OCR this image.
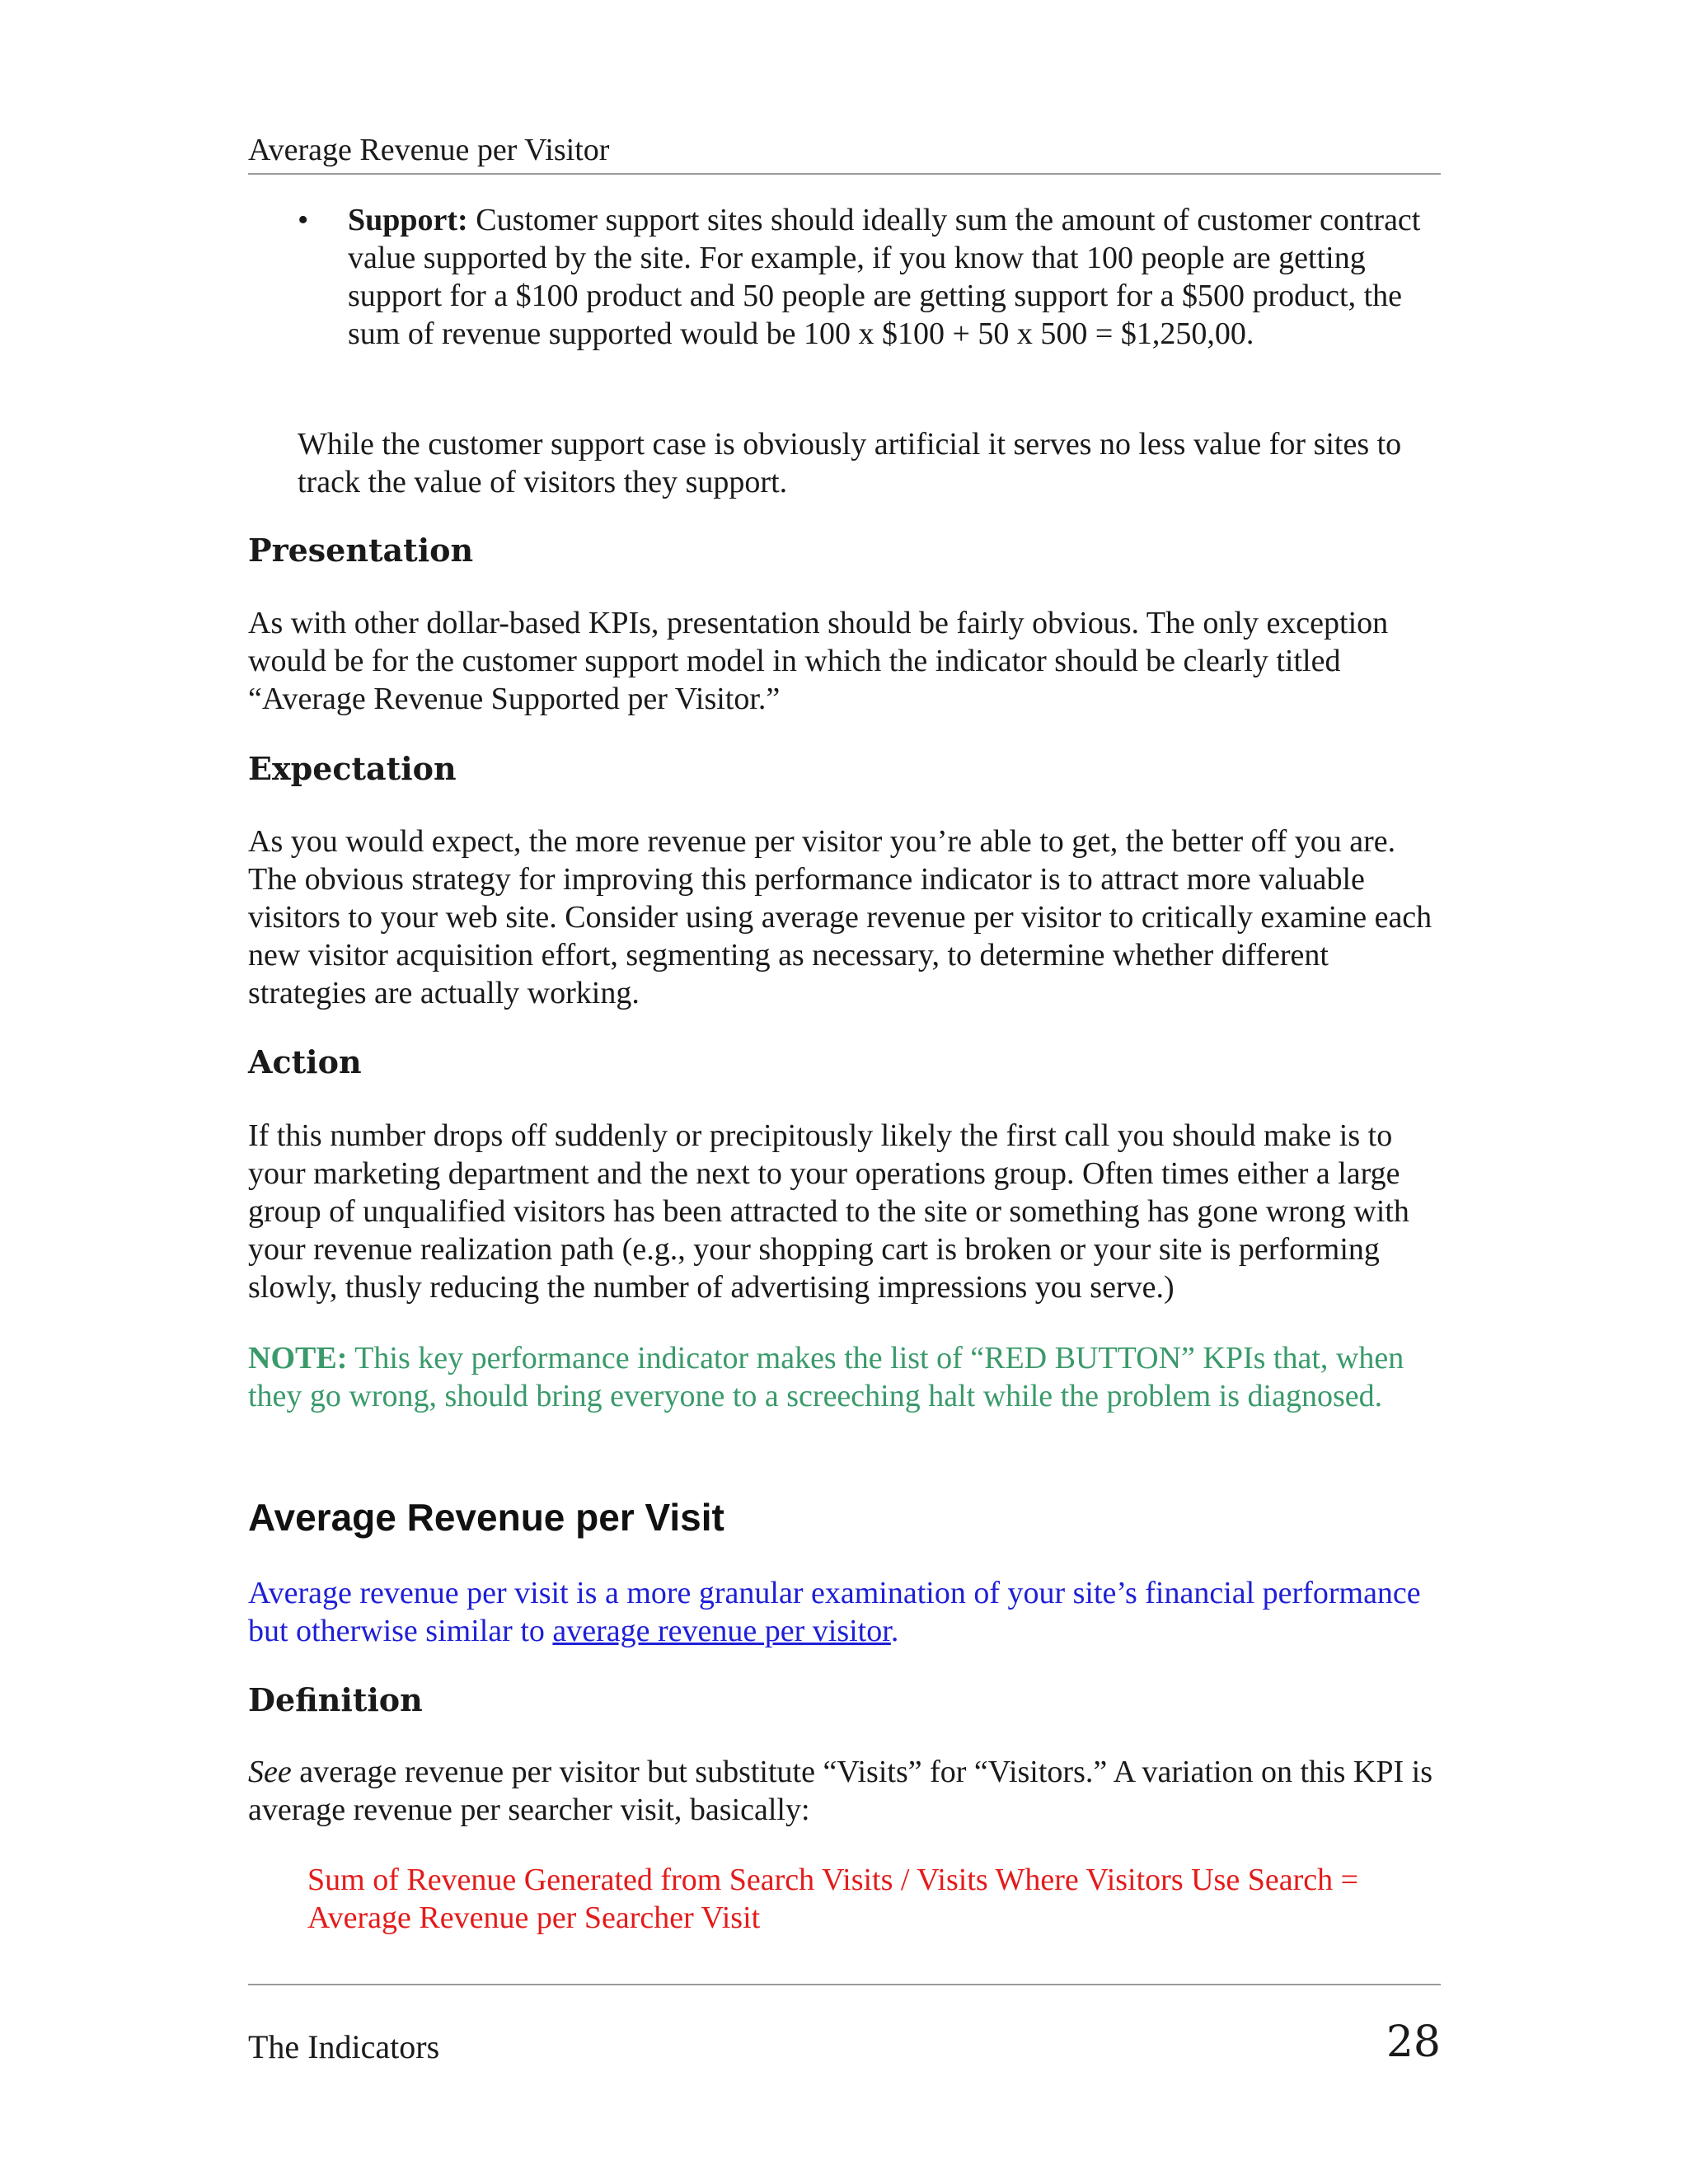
Average Revenue per Visitor
• Support: Customer support sites should ideally sum the amount of customer contract value supported by the site. For example, if you know that 100 people are getting support for a $100 product and 50 people are getting support for a $500 product, the sum of revenue supported would be 100 x $100 + 50 x 500 = $1,250,00.

While the customer support case is obviously artificial it serves no less value for sites to track the value of visitors they support.

Presentation

As with other dollar-based KPIs, presentation should be fairly obvious. The only exception would be for the customer support model in which the indicator should be clearly titled “Average Revenue Supported per Visitor.”

Expectation

As you would expect, the more revenue per visitor you’re able to get, the better off you are. The obvious strategy for improving this performance indicator is to attract more valuable visitors to your web site. Consider using average revenue per visitor to critically examine each new visitor acquisition effort, segmenting as necessary, to determine whether different strategies are actually working.

Action

If this number drops off suddenly or precipitously likely the first call you should make is to your marketing department and the next to your operations group. Often times either a large group of unqualified visitors has been attracted to the site or something has gone wrong with your revenue realization path (e.g., your shopping cart is broken or your site is performing slowly, thusly reducing the number of advertising impressions you serve.)

NOTE: This key performance indicator makes the list of “RED BUTTON” KPIs that, when they go wrong, should bring everyone to a screeching halt while the problem is diagnosed.

Average Revenue per Visit

Average revenue per visit is a more granular examination of your site’s financial performance but otherwise similar to average revenue per visitor.

Definition

See average revenue per visitor but substitute “Visits” for “Visitors.” A variation on this KPI is average revenue per searcher visit, basically:

Sum of Revenue Generated from Search Visits / Visits Where Visitors Use Search = Average Revenue per Searcher Visit

The Indicators	28
